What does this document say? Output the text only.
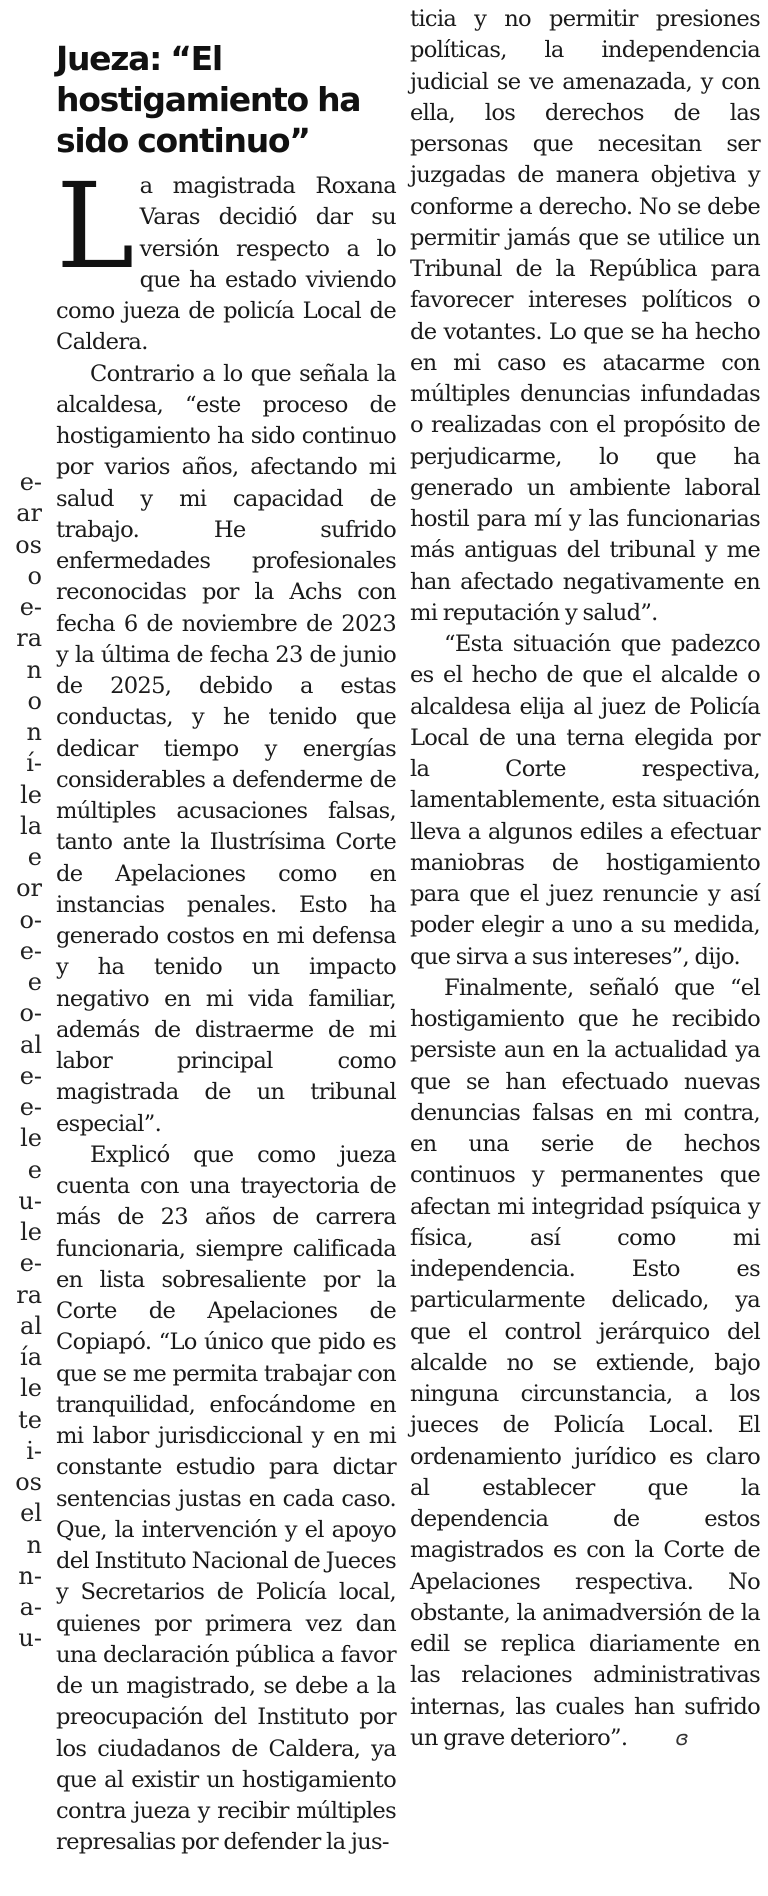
e-
ar
os
o
e-
ra
n
o
n
í-
le
la
e
or
o-
e-
e
o-
al
e-
e-
le
e
u-
le
e-
ra
al
ía
le
te
i-
os
el
n
n-
a-
u-
Jueza: “El hostigamiento ha sido continuo”

La magistrada Roxana Varas decidió dar su versión respecto a lo que ha estado viviendo como jueza de policía Local de Caldera.

Contrario a lo que señala la alcaldesa, “este proceso de hostigamiento ha sido continuo por varios años, afectando mi salud y mi capacidad de trabajo. He sufrido enfermedades profesionales reconocidas por la Achs con fecha 6 de noviembre de 2023 y la última de fecha 23 de junio de 2025, debido a estas conductas, y he tenido que dedicar tiempo y energías considerables a defenderme de múltiples acusaciones falsas, tanto ante la Ilustrísima Corte de Apelaciones como en instancias penales. Esto ha generado costos en mi defensa y ha tenido un impacto negativo en mi vida familiar, además de distraerme de mi labor principal como magistrada de un tribunal especial”.

Explicó que como jueza cuenta con una trayectoria de más de 23 años de carrera funcionaria, siempre calificada en lista sobresaliente por la Corte de Apelaciones de Copiapó. “Lo único que pido es que se me permita trabajar con tranquilidad, enfocándome en mi labor jurisdiccional y en mi constante estudio para dictar sentencias justas en cada caso. Que, la intervención y el apoyo del Instituto Nacional de Jueces y Secretarios de Policía local, quienes por primera vez dan una declaración pública a favor de un magistrado, se debe a la preocupación del Instituto por los ciudadanos de Caldera, ya que al existir un hostigamiento contra jueza y recibir múltiples represalias por defender la jus-

ticia y no permitir presiones políticas, la independencia judicial se ve amenazada, y con ella, los derechos de las personas que necesitan ser juzgadas de manera objetiva y conforme a derecho. No se debe permitir jamás que se utilice un Tribunal de la República para favorecer intereses políticos o de votantes. Lo que se ha hecho en mi caso es atacarme con múltiples denuncias infundadas o realizadas con el propósito de perjudicarme, lo que ha generado un ambiente laboral hostil para mí y las funcionarias más antiguas del tribunal y me han afectado negativamente en mi reputación y salud”.

“Esta situación que padezco es el hecho de que el alcalde o alcaldesa elija al juez de Policía Local de una terna elegida por la Corte respectiva, lamentablemente, esta situación lleva a algunos ediles a efectuar maniobras de hostigamiento para que el juez renuncie y así poder elegir a uno a su medida, que sirva a sus intereses”, dijo.

Finalmente, señaló que “el hostigamiento que he recibido persiste aun en la actualidad ya que se han efectuado nuevas denuncias falsas en mi contra, en una serie de hechos continuos y permanentes que afectan mi integridad psíquica y física, así como mi independencia. Esto es particularmente delicado, ya que el control jerárquico del alcalde no se extiende, bajo ninguna circunstancia, a los jueces de Policía Local. El ordenamiento jurídico es claro al establecer que la dependencia de estos magistrados es con la Corte de Apelaciones respectiva. No obstante, la animadversión de la edil se replica diariamente en las relaciones administrativas internas, las cuales han sufrido un grave deterioro”. ɞ
